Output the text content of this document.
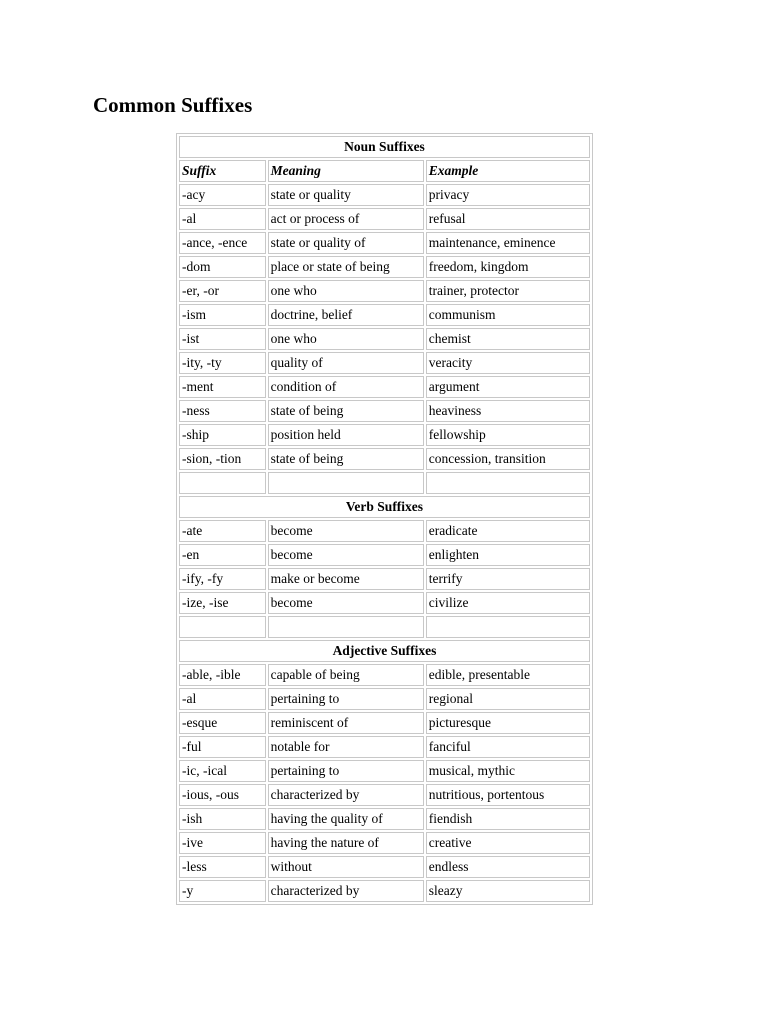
Common Suffixes
Noun Suffixes		
Suffix	Meaning	Example
-acy	state or quality	privacy
-al	act or process of	refusal
-ance, -ence	state or quality of	maintenance, eminence
-dom	place or state of being	freedom, kingdom
-er, -or	one who	trainer, protector
-ism	doctrine, belief	communism
-ist	one who	chemist
-ity, -ty	quality of	veracity
-ment	condition of	argument
-ness	state of being	heaviness
-ship	position held	fellowship
-sion, -tion	state of being	concession, transition

Verb Suffixes		
-ate	become	eradicate
-en	become	enlighten
-ify, -fy	make or become	terrify
-ize, -ise	become	civilize

Adjective Suffixes		
-able, -ible	capable of being	edible, presentable
-al	pertaining to	regional
-esque	reminiscent of	picturesque
-ful	notable for	fanciful
-ic, -ical	pertaining to	musical, mythic
-ious, -ous	characterized by	nutritious, portentous
-ish	having the quality of	fiendish
-ive	having the nature of	creative
-less	without	endless
-y	characterized by	sleazy
